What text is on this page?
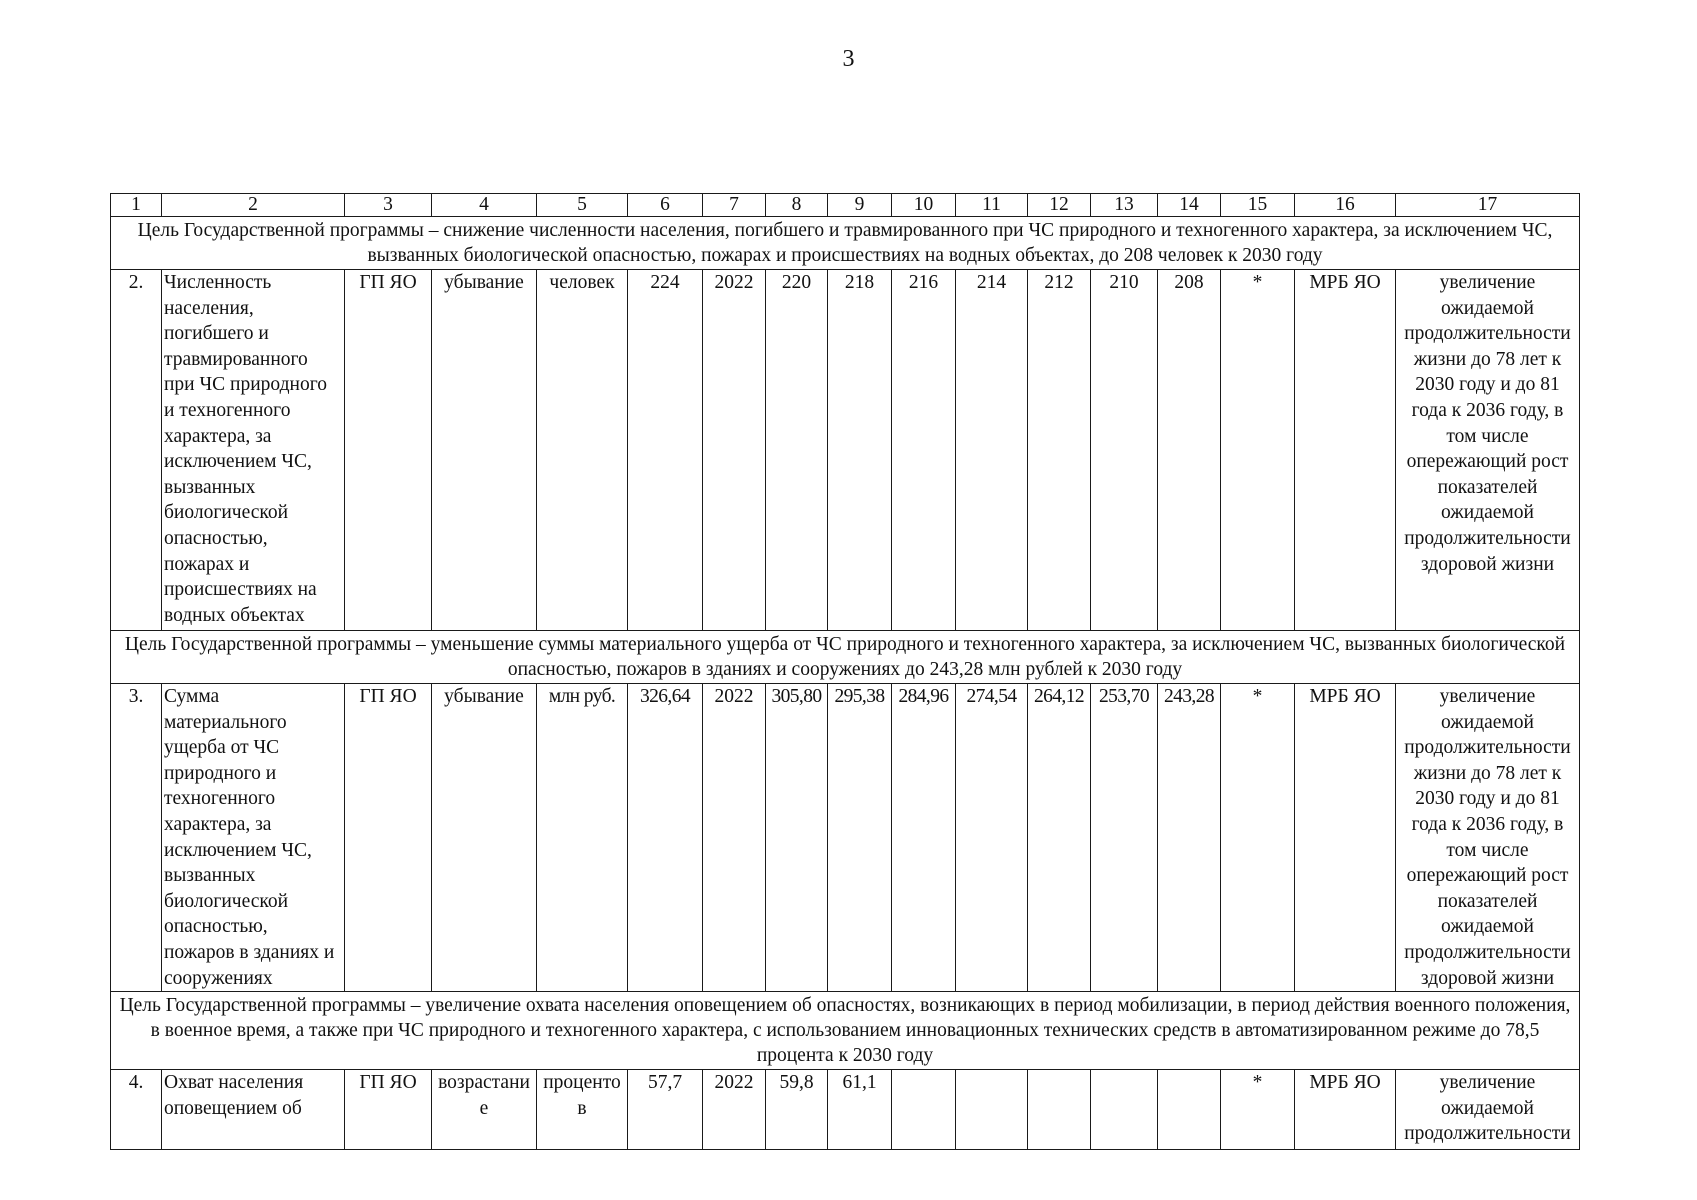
3
1	2	3	4	5	6	7	8	9	10	11	12	13	14	15	16	17
Цель Государственной программы – снижение численности населения, погибшего и травмированного при ЧС природного и техногенного характера, за исключением ЧС, вызванных биологической опасностью, пожарах и происшествиях на водных объектах, до 208 человек к 2030 году																
2.	Численность населения, погибшего и травмированного при ЧС природного и техногенного характера, за исключением ЧС, вызванных биологической опасностью, пожарах и происшествиях на водных объектах	ГП ЯО	убывание	человек	224	2022	220	218	216	214	212	210	208	*	МРБ ЯО	увеличение ожидаемой продолжительности жизни до 78 лет к 2030 году и до 81 года к 2036 году, в том числе опережающий рост показателей ожидаемой продолжительности здоровой жизни
Цель Государственной программы – уменьшение суммы материального ущерба от ЧС природного и техногенного характера, за исключением ЧС, вызванных биологической опасностью, пожаров в зданиях и сооружениях до 243,28 млн рублей к 2030 году																
3.	Сумма материального ущерба от ЧС природного и техногенного характера, за исключением ЧС, вызванных биологической опасностью, пожаров в зданиях и сооружениях	ГП ЯО	убывание	млн руб.	326,64	2022	305,80	295,38	284,96	274,54	264,12	253,70	243,28	*	МРБ ЯО	увеличение ожидаемой продолжительности жизни до 78 лет к 2030 году и до 81 года к 2036 году, в том числе опережающий рост показателей ожидаемой продолжительности здоровой жизни
Цель Государственной программы – увеличение охвата населения оповещением об опасностях, возникающих в период мобилизации, в период действия военного положения, в военное время, а также при ЧС природного и техногенного характера, с использованием инновационных технических средств в автоматизированном режиме до 78,5 процента к 2030 году																
4.	Охват населения оповещением об	ГП ЯО	возрастание	процентов	57,7	2022	59,8	61,1						*	МРБ ЯО	увеличение ожидаемой продолжительности
